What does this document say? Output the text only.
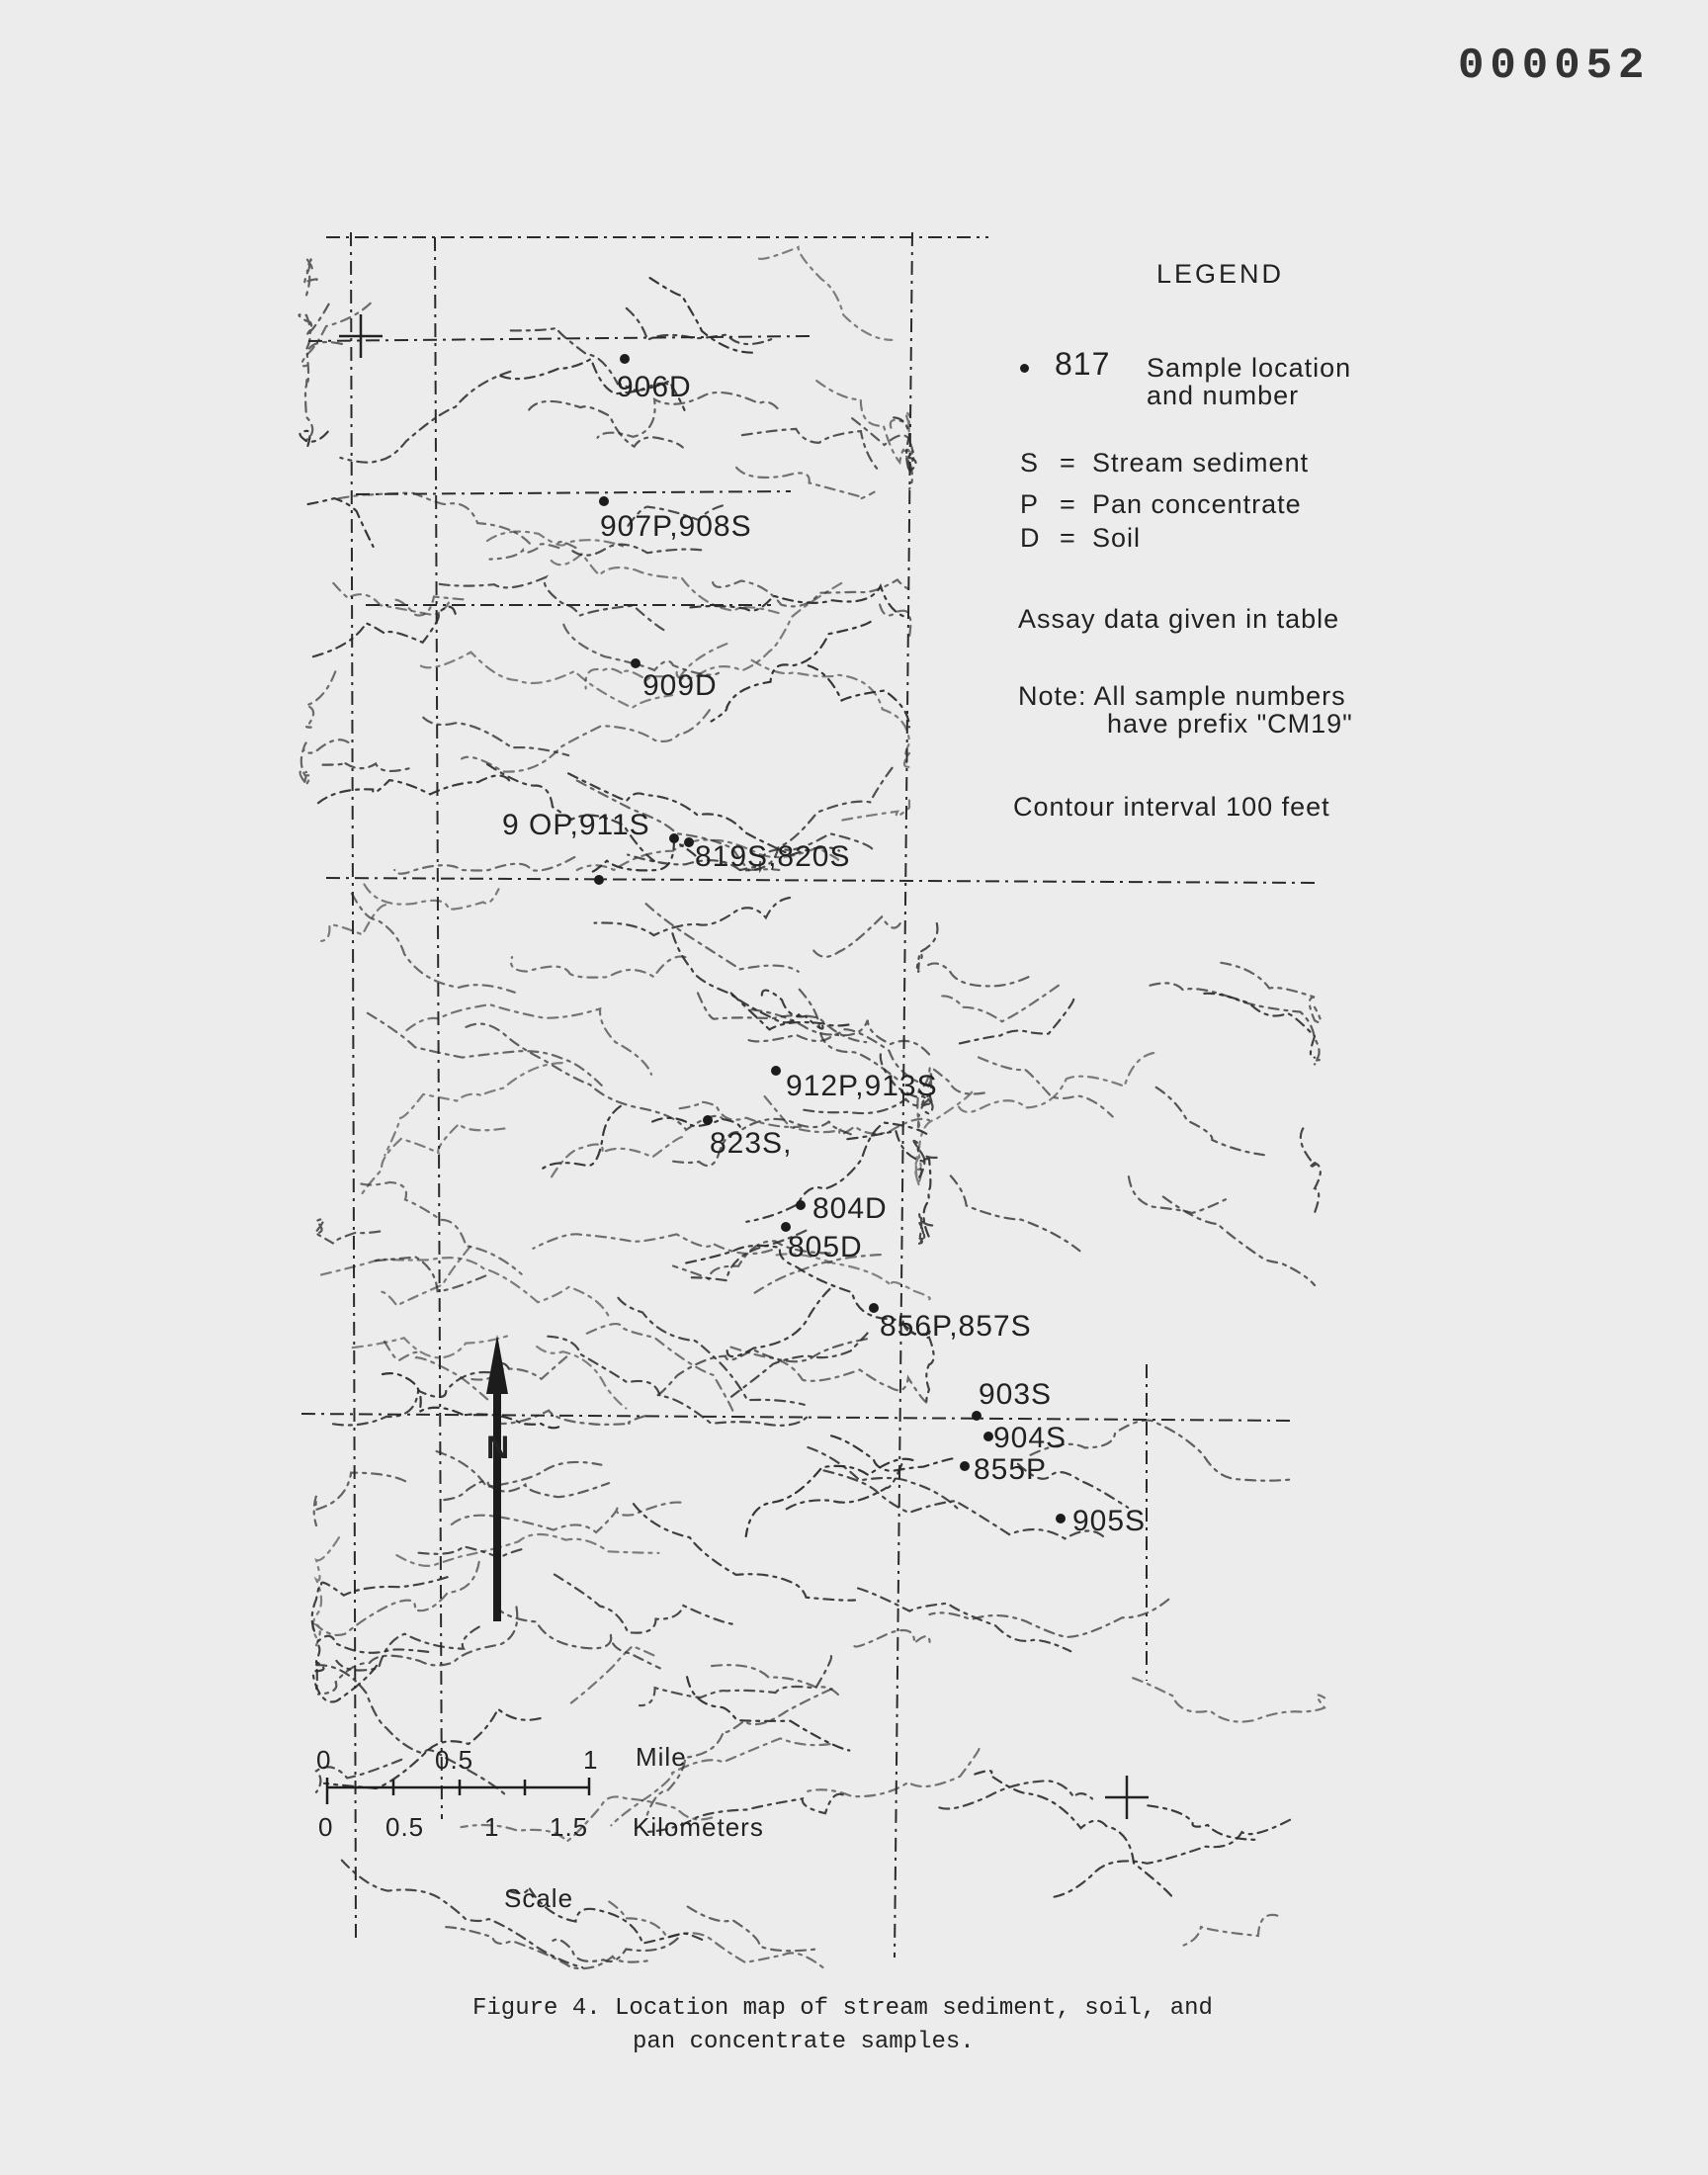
000052
906D
907P,908S
909D
9 OP,911S
819S,820S
912P,913S
823S,
804D
805D
856P,857S
903S
904S
855P
905S
N
LEGEND
817 Sample location
and number
S = Stream sediment
P = Pan concentrate
D = Soil
Assay data given in table
Note: All sample numbers
have prefix "CM19"
Contour interval 100 feet
0	0.5	1 Mile
0 0.5 1 1.5 Kilometers
Scale
Figure 4. Location map of stream sediment, soil, and
pan concentrate samples.
